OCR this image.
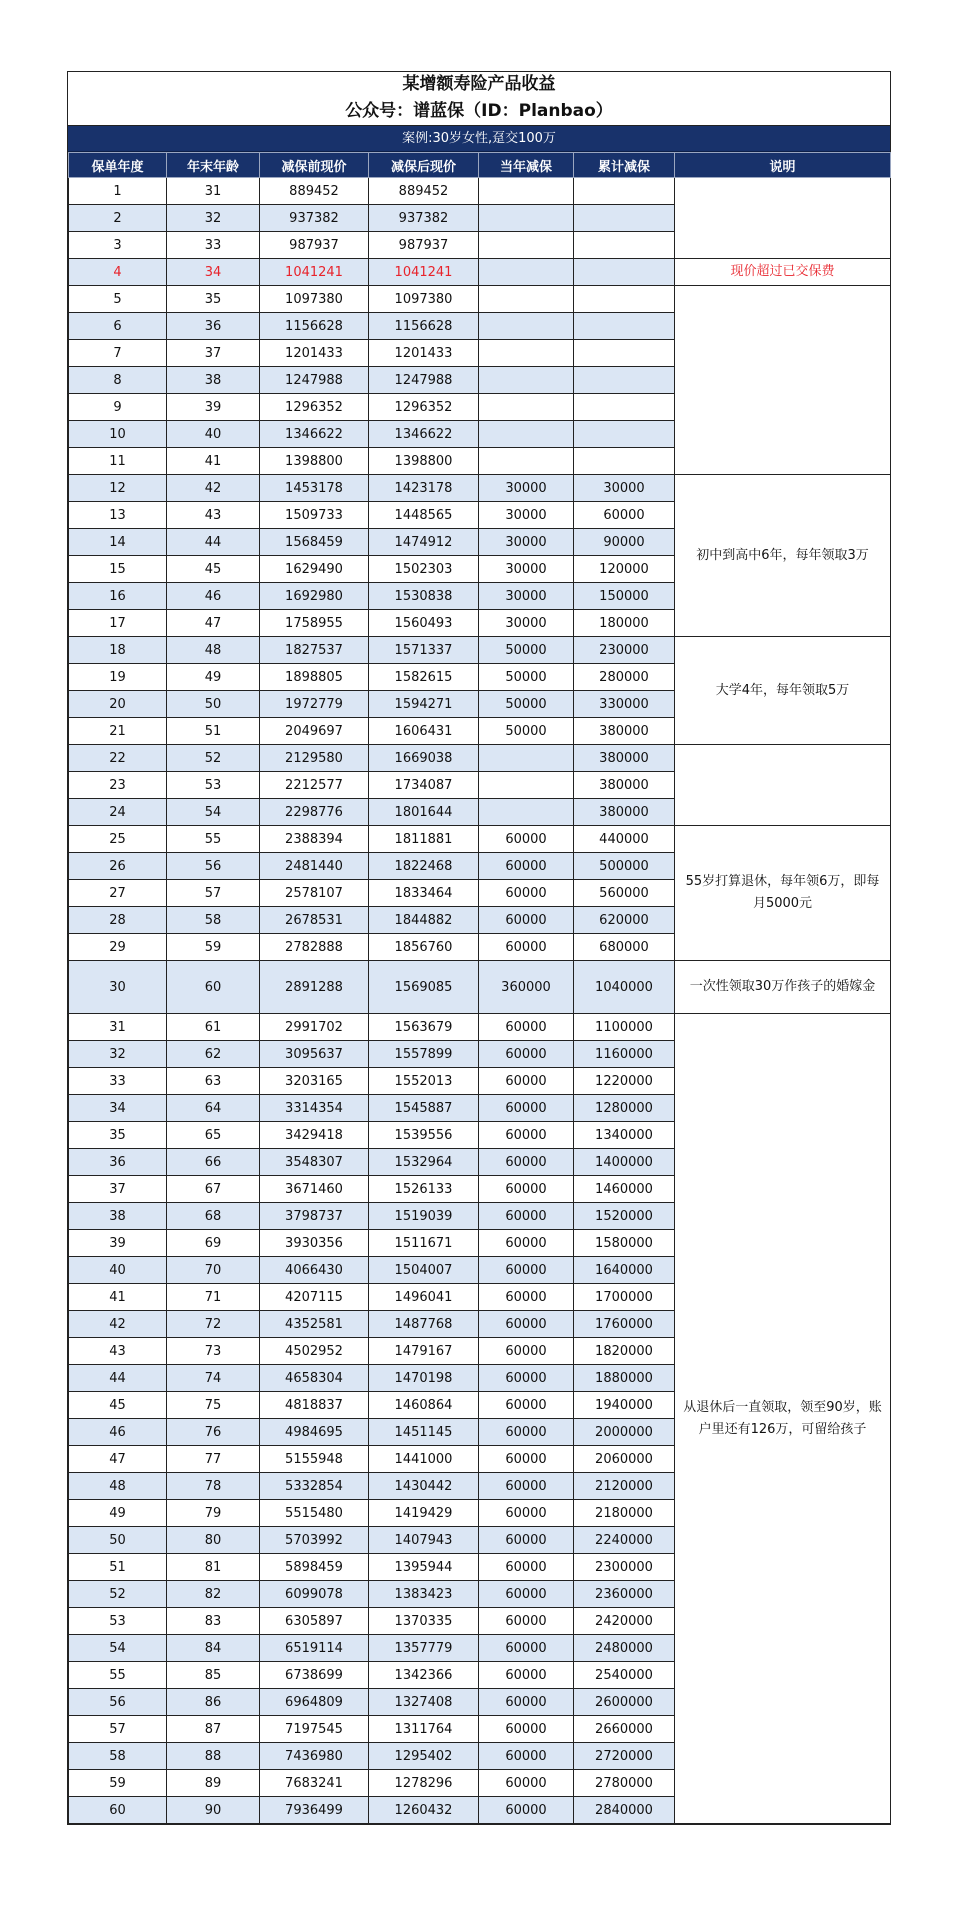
某增额寿险产品收益
公众号：谱蓝保（ID：Planbao）
案例:30岁女性,趸交100万
保单年度	年末年龄	减保前现价	减保后现价	当年减保	累计减保	说明
1	31	889452	889452			
2	32	937382	937382			
3	33	987937	987937			
4	34	1041241	1041241			现价超过已交保费
5	35	1097380	1097380			
6	36	1156628	1156628			
7	37	1201433	1201433			
8	38	1247988	1247988			
9	39	1296352	1296352			
10	40	1346622	1346622			
11	41	1398800	1398800			
12	42	1453178	1423178	30000	30000	初中到高中6年，每年领取3万
13	43	1509733	1448565	30000	60000	
14	44	1568459	1474912	30000	90000	
15	45	1629490	1502303	30000	120000	
16	46	1692980	1530838	30000	150000	
17	47	1758955	1560493	30000	180000	
18	48	1827537	1571337	50000	230000	大学4年，每年领取5万
19	49	1898805	1582615	50000	280000	
20	50	1972779	1594271	50000	330000	
21	51	2049697	1606431	50000	380000	
22	52	2129580	1669038		380000	
23	53	2212577	1734087		380000	
24	54	2298776	1801644		380000	
25	55	2388394	1811881	60000	440000	55岁打算退休，每年领6万，即每月5000元
26	56	2481440	1822468	60000	500000	
27	57	2578107	1833464	60000	560000	
28	58	2678531	1844882	60000	620000	
29	59	2782888	1856760	60000	680000	
30	60	2891288	1569085	360000	1040000	一次性领取30万作孩子的婚嫁金
31	61	2991702	1563679	60000	1100000	从退休后一直领取，领至90岁，账户里还有126万，可留给孩子
32	62	3095637	1557899	60000	1160000	
33	63	3203165	1552013	60000	1220000	
34	64	3314354	1545887	60000	1280000	
35	65	3429418	1539556	60000	1340000	
36	66	3548307	1532964	60000	1400000	
37	67	3671460	1526133	60000	1460000	
38	68	3798737	1519039	60000	1520000	
39	69	3930356	1511671	60000	1580000	
40	70	4066430	1504007	60000	1640000	
41	71	4207115	1496041	60000	1700000	
42	72	4352581	1487768	60000	1760000	
43	73	4502952	1479167	60000	1820000	
44	74	4658304	1470198	60000	1880000	
45	75	4818837	1460864	60000	1940000	
46	76	4984695	1451145	60000	2000000	
47	77	5155948	1441000	60000	2060000	
48	78	5332854	1430442	60000	2120000	
49	79	5515480	1419429	60000	2180000	
50	80	5703992	1407943	60000	2240000	
51	81	5898459	1395944	60000	2300000	
52	82	6099078	1383423	60000	2360000	
53	83	6305897	1370335	60000	2420000	
54	84	6519114	1357779	60000	2480000	
55	85	6738699	1342366	60000	2540000	
56	86	6964809	1327408	60000	2600000	
57	87	7197545	1311764	60000	2660000	
58	88	7436980	1295402	60000	2720000	
59	89	7683241	1278296	60000	2780000	
60	90	7936499	1260432	60000	2840000	
